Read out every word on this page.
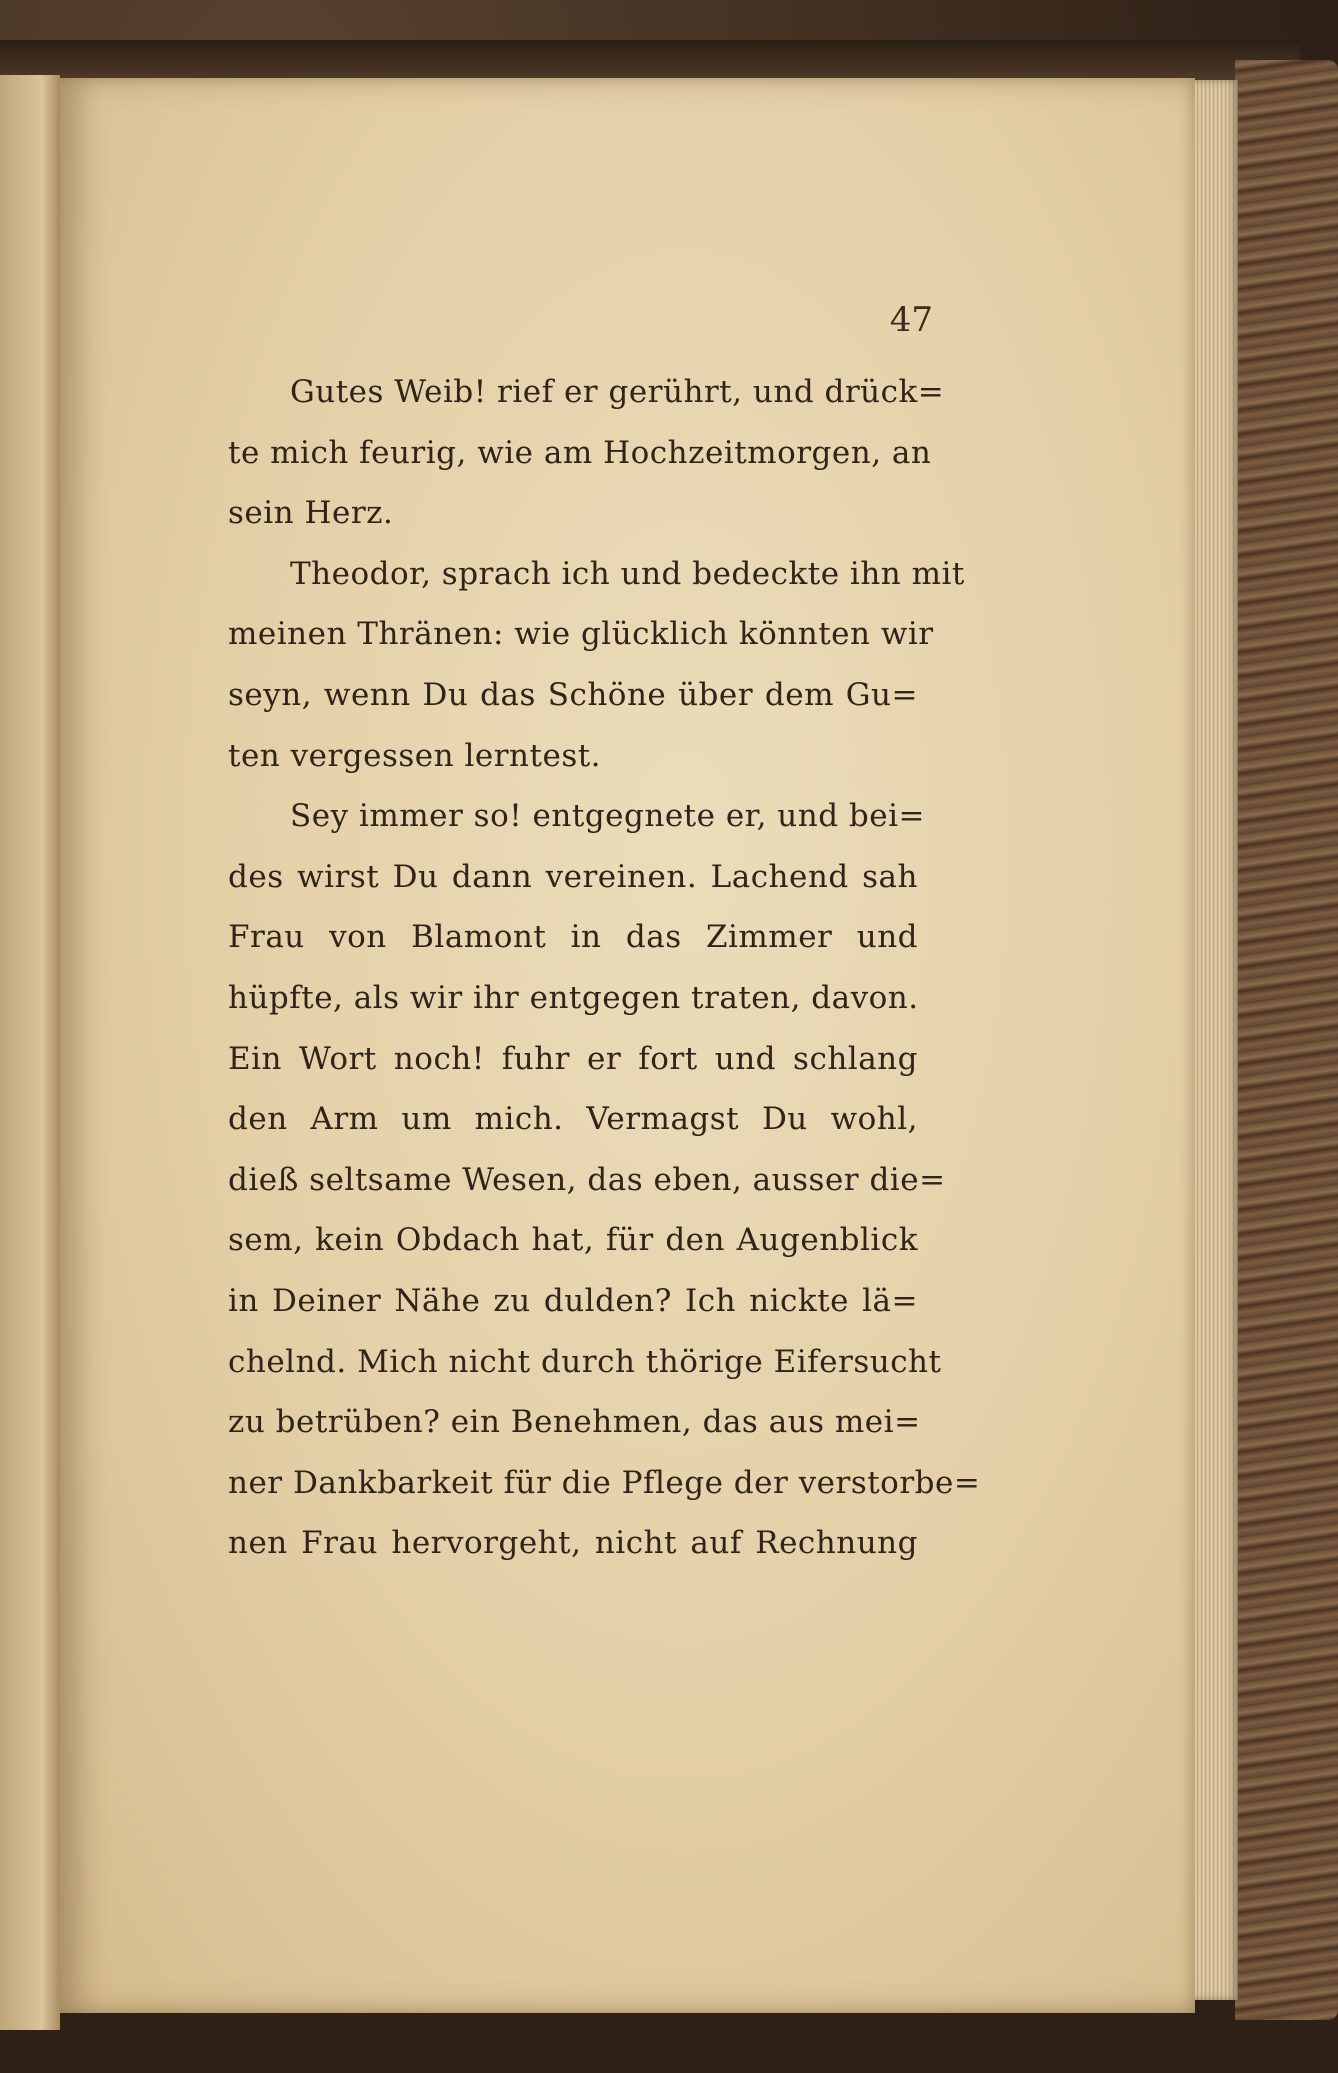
47
Gutes Weib! rief er gerührt, und drück=
te mich feurig, wie am Hochzeitmorgen, an
sein Herz.
Theodor, sprach ich und bedeckte ihn mit
meinen Thränen: wie glücklich könnten wir
seyn, wenn Du das Schöne über dem Gu=
ten vergessen lerntest.
Sey immer so! entgegnete er, und bei=
des wirst Du dann vereinen. Lachend sah
Frau von Blamont in das Zimmer und
hüpfte, als wir ihr entgegen traten, davon.
Ein Wort noch! fuhr er fort und schlang
den Arm um mich. Vermagst Du wohl,
dieß seltsame Wesen, das eben, ausser die=
sem, kein Obdach hat, für den Augenblick
in Deiner Nähe zu dulden? Ich nickte lä=
chelnd. Mich nicht durch thörige Eifersucht
zu betrüben? ein Benehmen, das aus mei=
ner Dankbarkeit für die Pflege der verstorbe=
nen Frau hervorgeht, nicht auf Rechnung
